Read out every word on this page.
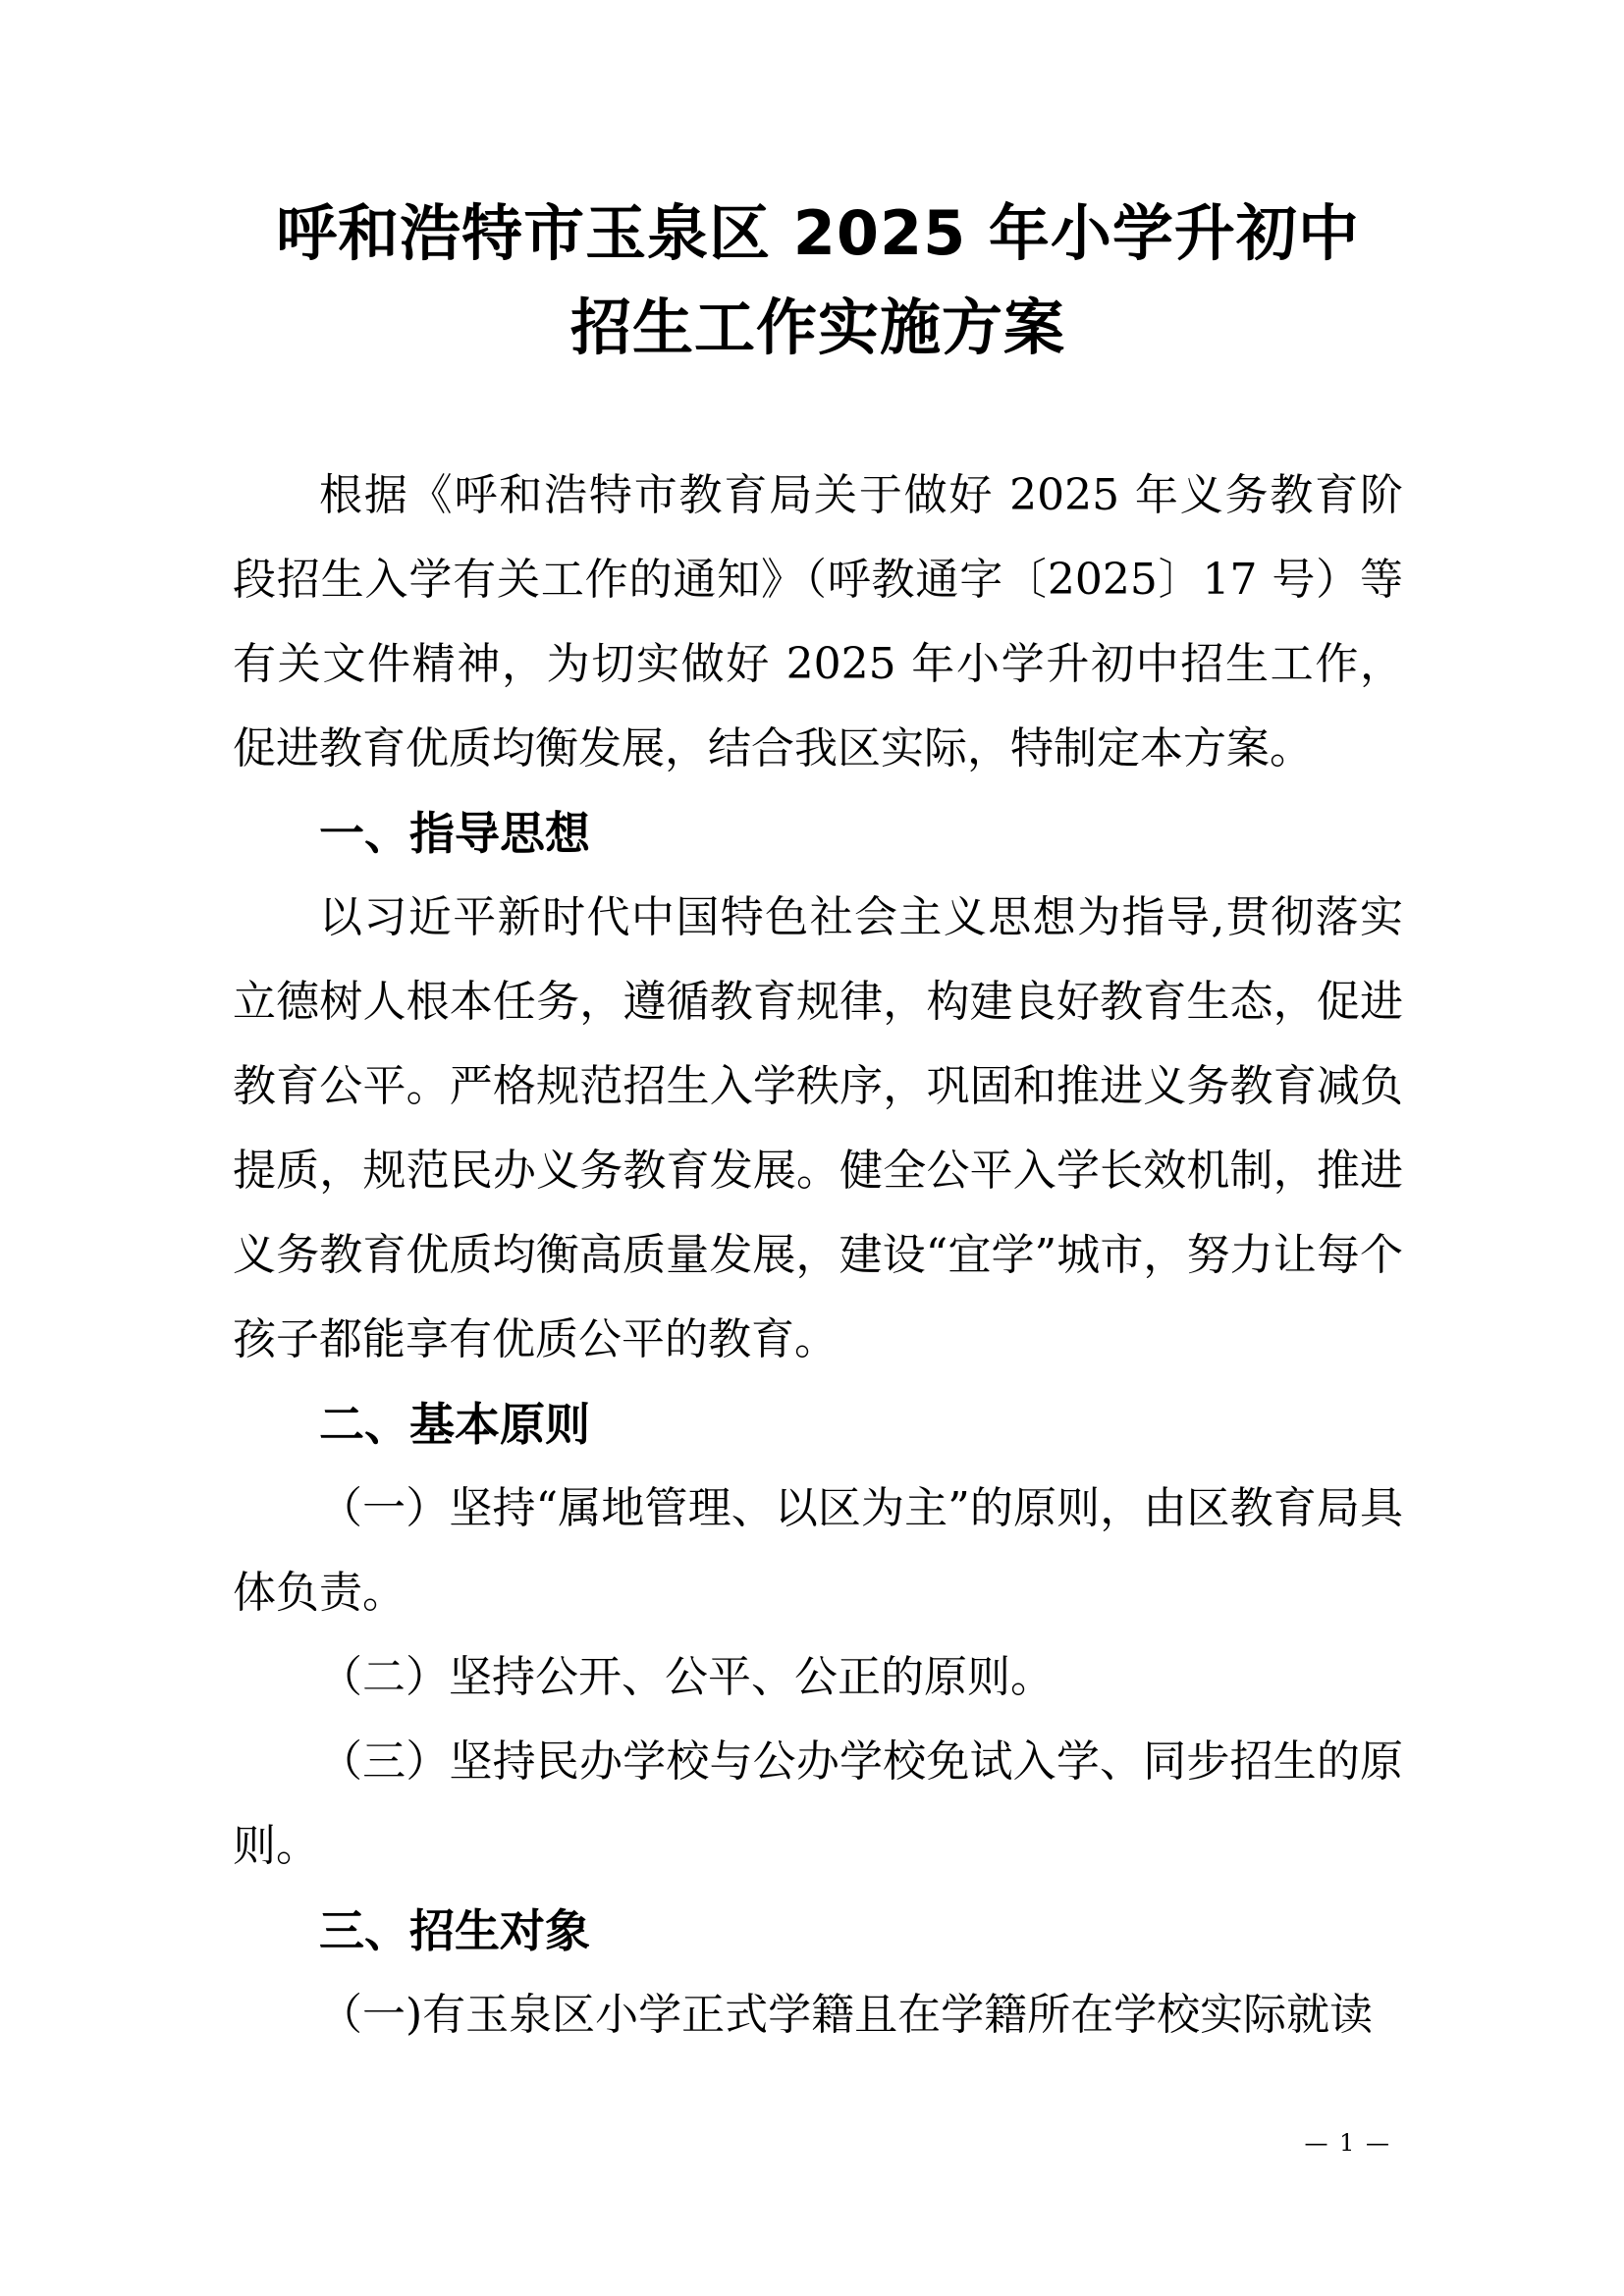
呼和浩特市玉泉区 2025 年小学升初中
招生工作实施方案

根据《呼和浩特市教育局关于做好 2025 年义务教育阶段招生入学有关工作的通知》（呼教通字〔2025〕17 号）等有关文件精神，为切实做好 2025 年小学升初中招生工作，促进教育优质均衡发展，结合我区实际，特制定本方案。

一、指导思想

以习近平新时代中国特色社会主义思想为指导,贯彻落实立德树人根本任务，遵循教育规律，构建良好教育生态，促进教育公平。严格规范招生入学秩序，巩固和推进义务教育减负提质，规范民办义务教育发展。健全公平入学长效机制，推进义务教育优质均衡高质量发展，建设“宜学”城市，努力让每个孩子都能享有优质公平的教育。

二、基本原则

（一）坚持“属地管理、以区为主”的原则，由区教育局具体负责。

（二）坚持公开、公平、公正的原则。

（三）坚持民办学校与公办学校免试入学、同步招生的原则。

三、招生对象

（一)有玉泉区小学正式学籍且在学籍所在学校实际就读

— 1 —
